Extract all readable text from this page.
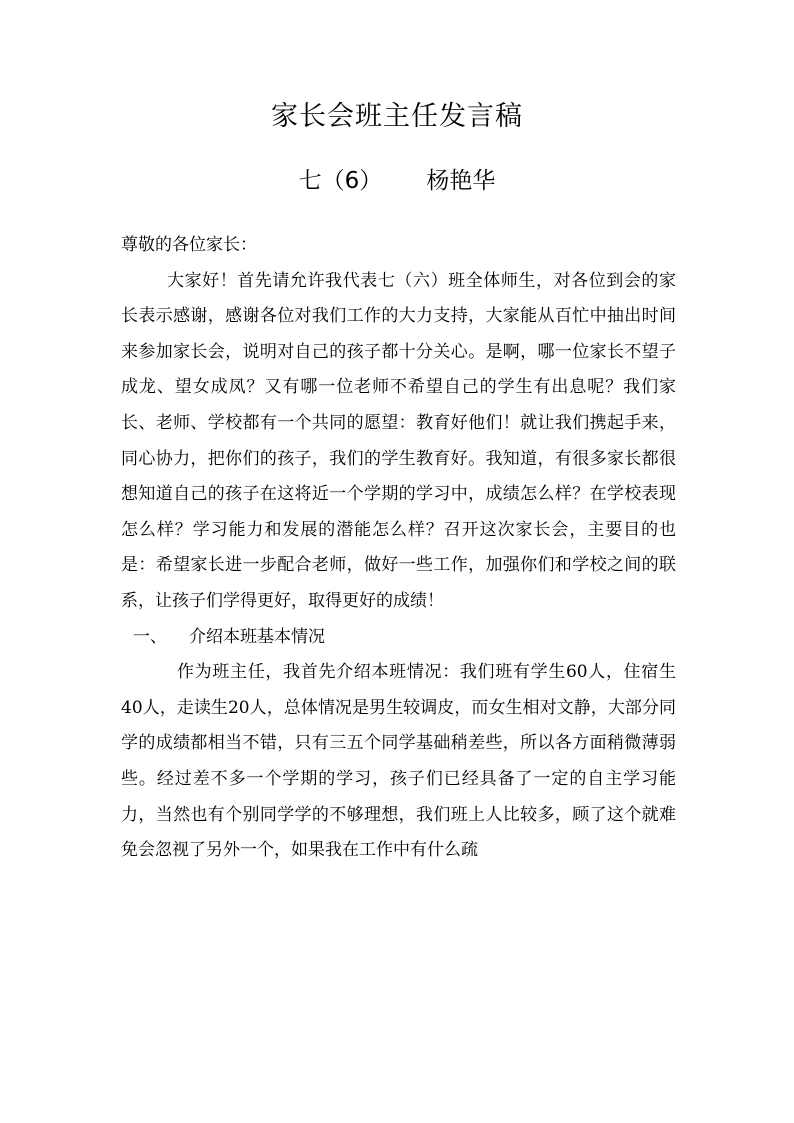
家长会班主任发言稿
七（6） 杨艳华

尊敬的各位家长：

大家好！首先请允许我代表七（六）班全体师生，对各位到会的家长表示感谢，感谢各位对我们工作的大力支持，大家能从百忙中抽出时间来参加家长会，说明对自己的孩子都十分关心。是啊，哪一位家长不望子成龙、望女成凤？又有哪一位老师不希望自己的学生有出息呢？我们家长、老师、学校都有一个共同的愿望：教育好他们！就让我们携起手来，同心协力，把你们的孩子，我们的学生教育好。我知道，有很多家长都很想知道自己的孩子在这将近一个学期的学习中，成绩怎么样？在学校表现怎么样？学习能力和发展的潜能怎么样？召开这次家长会，主要目的也是：希望家长进一步配合老师，做好一些工作，加强你们和学校之间的联系，让孩子们学得更好，取得更好的成绩！

一、 介绍本班基本情况

作为班主任，我首先介绍本班情况：我们班有学生60人，住宿生40人，走读生20人，总体情况是男生较调皮，而女生相对文静，大部分同学的成绩都相当不错，只有三五个同学基础稍差些，所以各方面稍微薄弱些。经过差不多一个学期的学习，孩子们已经具备了一定的自主学习能力，当然也有个别同学学的不够理想，我们班上人比较多，顾了这个就难免会忽视了另外一个，如果我在工作中有什么疏
